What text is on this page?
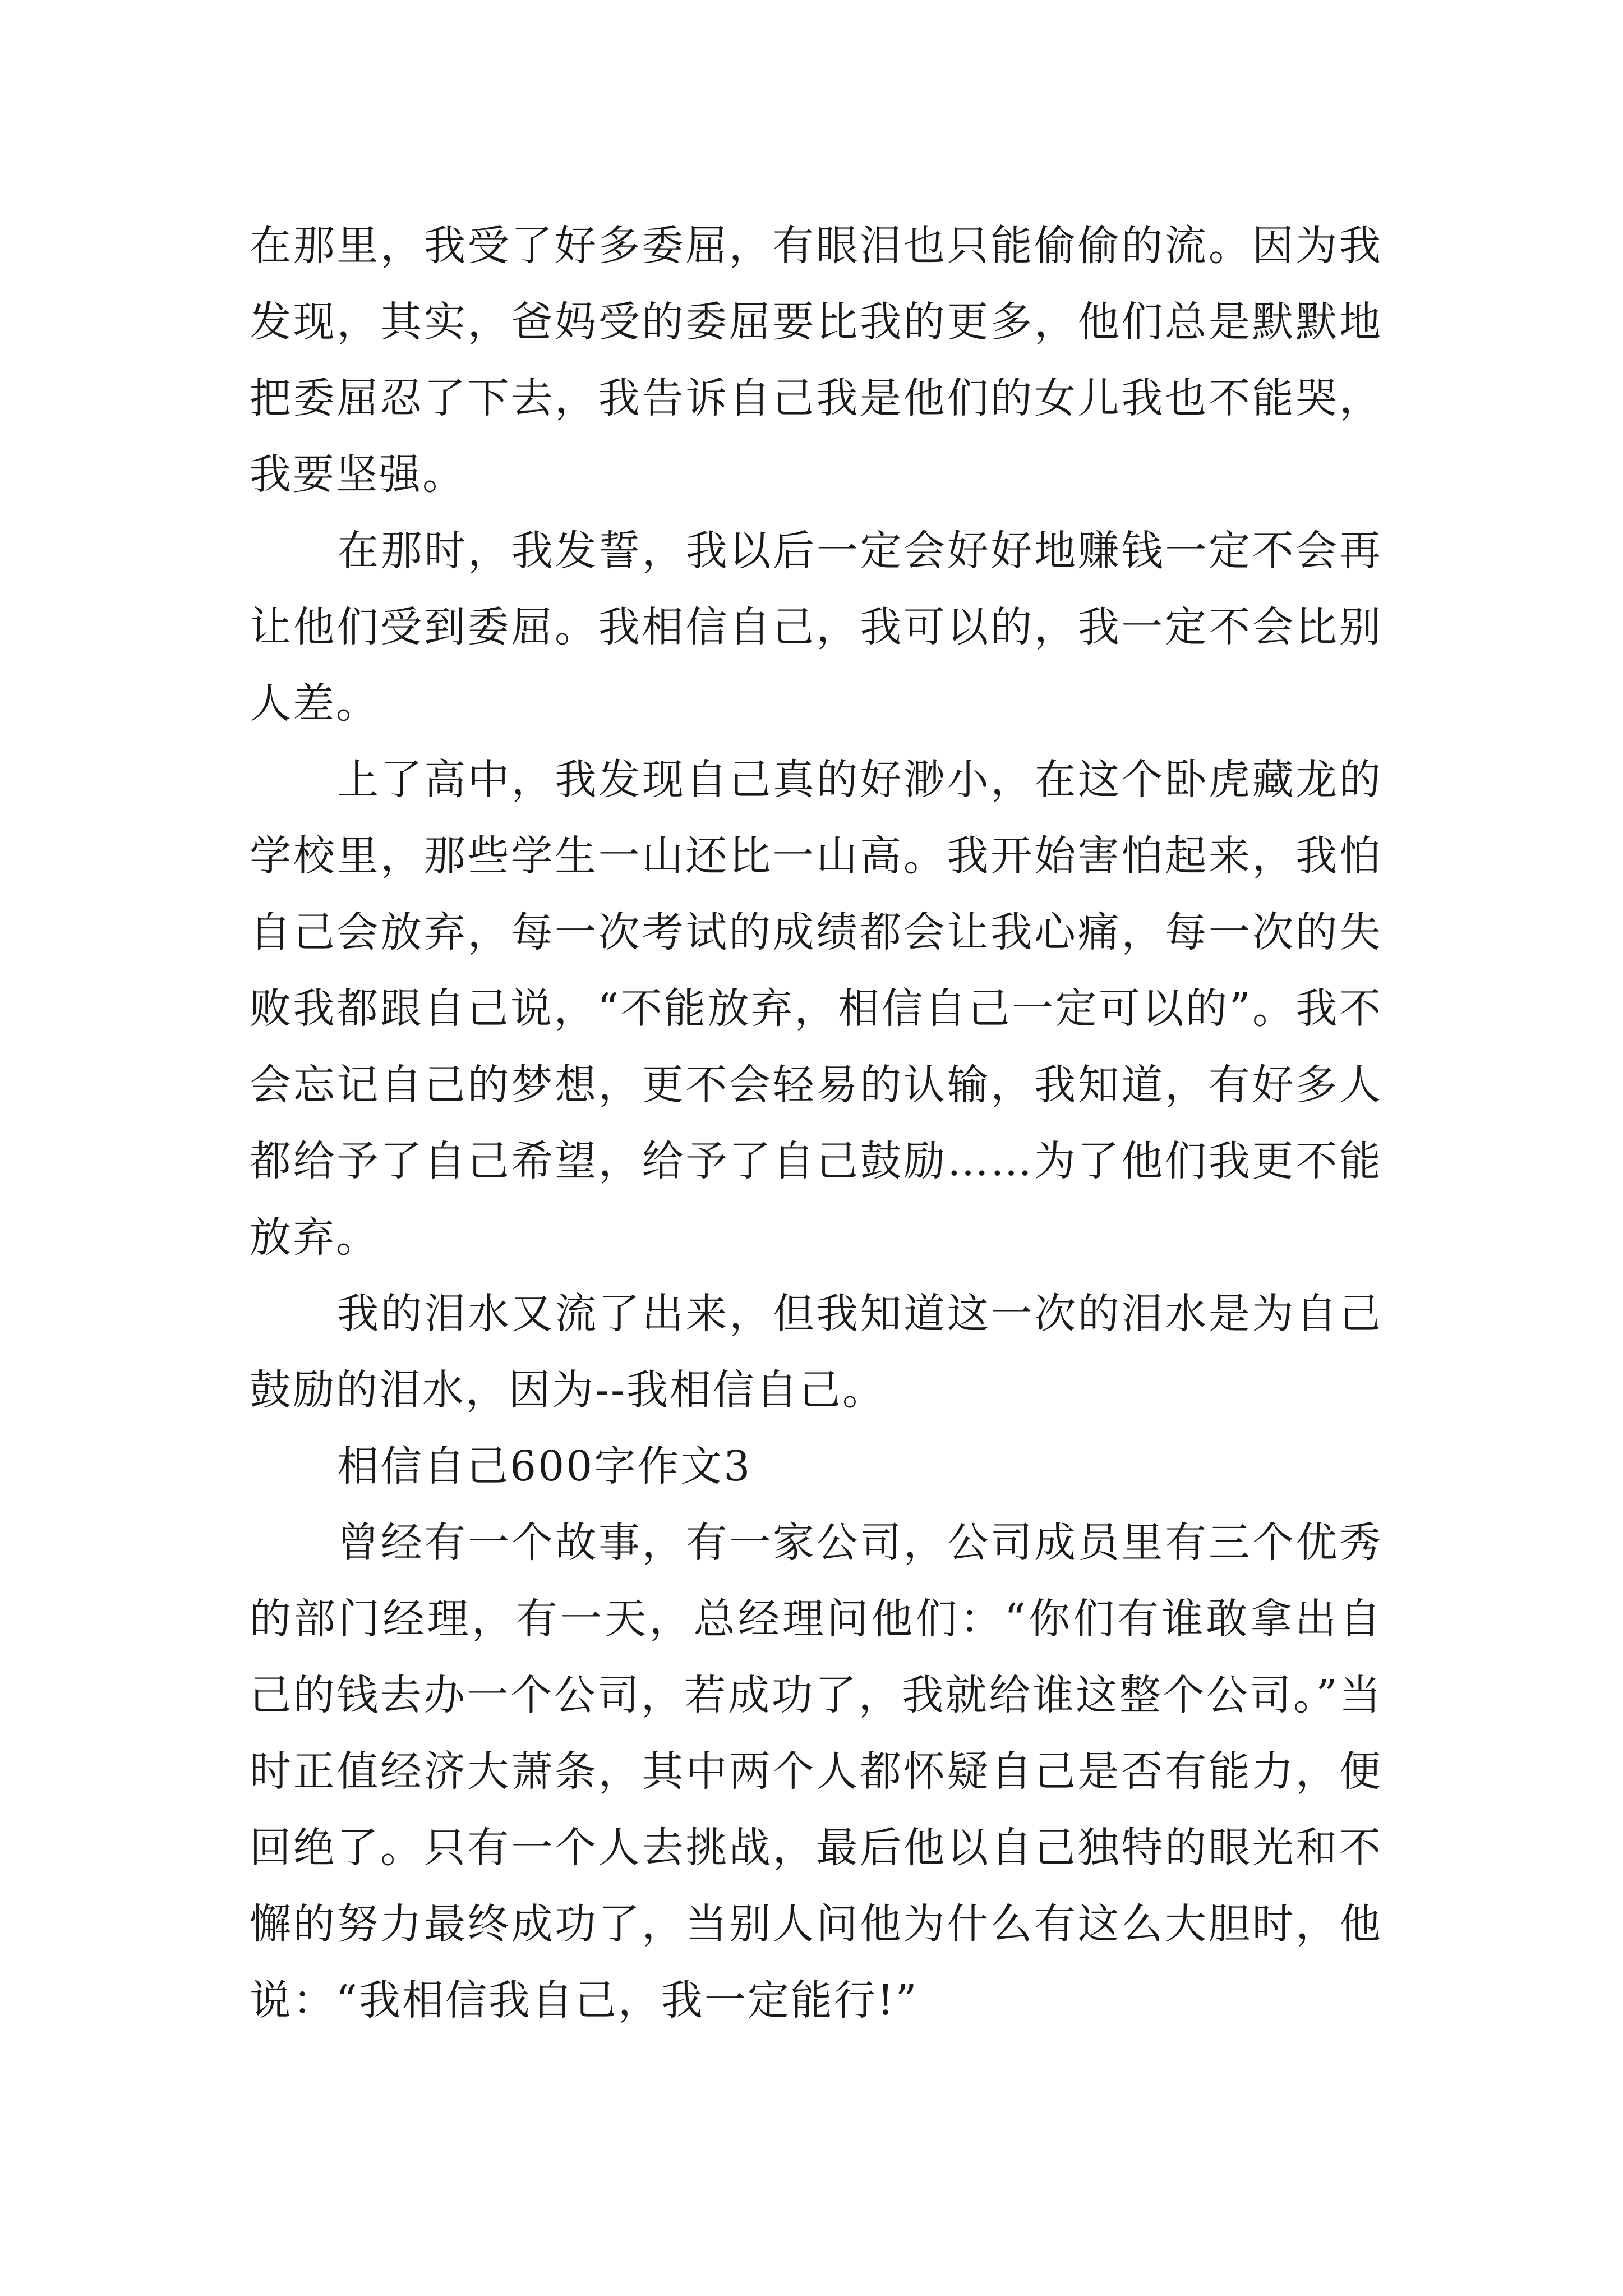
在那里，我受了好多委屈，有眼泪也只能偷偷的流。因为我发现，其实，爸妈受的委屈要比我的更多，他们总是默默地把委屈忍了下去，我告诉自己我是他们的女儿我也不能哭，我要坚强。

在那时，我发誓，我以后一定会好好地赚钱一定不会再让他们受到委屈。我相信自己，我可以的，我一定不会比别人差。

上了高中，我发现自己真的好渺小，在这个卧虎藏龙的学校里，那些学生一山还比一山高。我开始害怕起来，我怕自己会放弃，每一次考试的成绩都会让我心痛，每一次的失败我都跟自己说，“不能放弃，相信自己一定可以的”。我不会忘记自己的梦想，更不会轻易的认输，我知道，有好多人都给予了自己希望，给予了自己鼓励……为了他们我更不能放弃。

我的泪水又流了出来，但我知道这一次的泪水是为自己鼓励的泪水，因为--我相信自己。

相信自己600字作文3

曾经有一个故事，有一家公司，公司成员里有三个优秀的部门经理，有一天，总经理问他们：“你们有谁敢拿出自己的钱去办一个公司，若成功了，我就给谁这整个公司。”当时正值经济大萧条，其中两个人都怀疑自己是否有能力，便回绝了。只有一个人去挑战，最后他以自己独特的眼光和不懈的努力最终成功了，当别人问他为什么有这么大胆时，他说：“我相信我自己，我一定能行!”
